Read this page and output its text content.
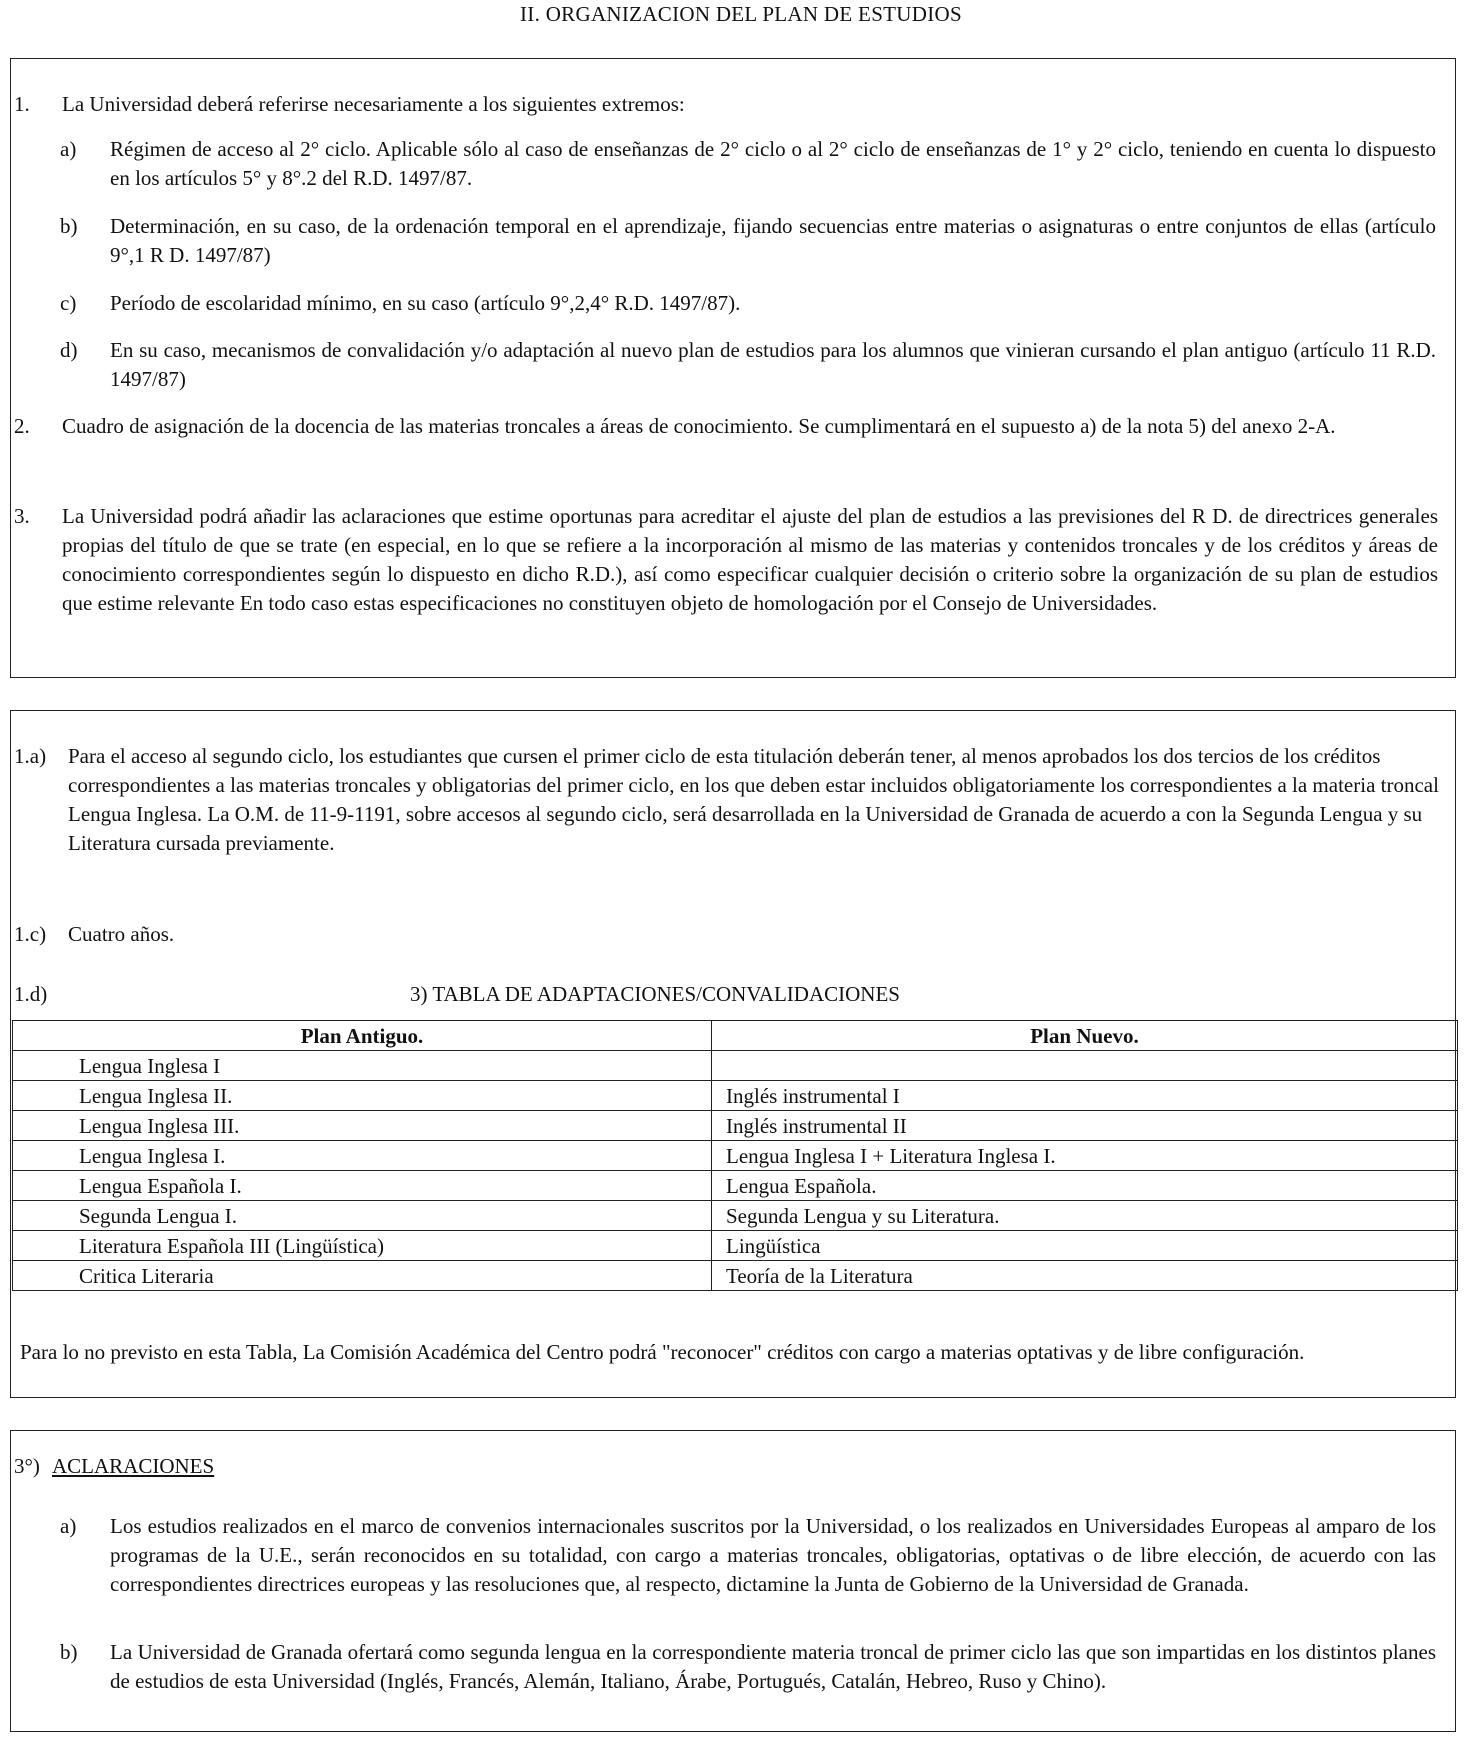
II. ORGANIZACION DEL PLAN DE ESTUDIOS
1. La Universidad deberá referirse necesariamente a los siguientes extremos:
a) Régimen de acceso al 2° ciclo. Aplicable sólo al caso de enseñanzas de 2° ciclo o al 2° ciclo de enseñanzas de 1° y 2° ciclo, teniendo en cuenta lo dispuesto en los artículos 5° y 8°.2 del R.D. 1497/87.
b) Determinación, en su caso, de la ordenación temporal en el aprendizaje, fijando secuencias entre materias o asignaturas o entre conjuntos de ellas (artículo 9°,1 R D. 1497/87)
c) Período de escolaridad mínimo, en su caso (artículo 9°,2,4° R.D. 1497/87).
d) En su caso, mecanismos de convalidación y/o adaptación al nuevo plan de estudios para los alumnos que vinieran cursando el plan antiguo (artículo 11 R.D. 1497/87)
2. Cuadro de asignación de la docencia de las materias troncales a áreas de conocimiento. Se cumplimentará en el supuesto a) de la nota 5) del anexo 2-A.
3. La Universidad podrá añadir las aclaraciones que estime oportunas para acreditar el ajuste del plan de estudios a las previsiones del R D. de directrices generales propias del título de que se trate (en especial, en lo que se refiere a la incorporación al mismo de las materias y contenidos troncales y de los créditos y áreas de conocimiento correspondientes según lo dispuesto en dicho R.D.), así como especificar cualquier decisión o criterio sobre la organización de su plan de estudios que estime relevante En todo caso estas especificaciones no constituyen objeto de homologación por el Consejo de Universidades.
1.a) Para el acceso al segundo ciclo, los estudiantes que cursen el primer ciclo de esta titulación deberán tener, al menos aprobados los dos tercios de los créditos correspondientes a las materias troncales y obligatorias del primer ciclo, en los que deben estar incluidos obligatoriamente los correspondientes a la materia troncal Lengua Inglesa. La O.M. de 11-9-1191, sobre accesos al segundo ciclo, será desarrollada en la Universidad de Granada de acuerdo a con la Segunda Lengua y su Literatura cursada previamente.
1.c) Cuatro años.
1.d)	3) TABLA DE ADAPTACIONES/CONVALIDACIONES
Plan Antiguo.	Plan Nuevo.
Lengua Inglesa I	
Lengua Inglesa II.	Inglés instrumental I
Lengua Inglesa III.	Inglés instrumental II
Lengua Inglesa I.	Lengua Inglesa I + Literatura Inglesa I.
Lengua Española I.	Lengua Española.
Segunda Lengua I.	Segunda Lengua y su Literatura.
Literatura Española III (Lingüística)	Lingüística
Critica Literaria	Teoría de la Literatura
Para lo no previsto en esta Tabla, La Comisión Académica del Centro podrá "reconocer" créditos con cargo a materias optativas y de libre configuración.
3°) ACLARACIONES
a) Los estudios realizados en el marco de convenios internacionales suscritos por la Universidad, o los realizados en Universidades Europeas al amparo de los programas de la U.E., serán reconocidos en su totalidad, con cargo a materias troncales, obligatorias, optativas o de libre elección, de acuerdo con las correspondientes directrices europeas y las resoluciones que, al respecto, dictamine la Junta de Gobierno de la Universidad de Granada.
b) La Universidad de Granada ofertará como segunda lengua en la correspondiente materia troncal de primer ciclo las que son impartidas en los distintos planes de estudios de esta Universidad (Inglés, Francés, Alemán, Italiano, Árabe, Portugués, Catalán, Hebreo, Ruso y Chino).
